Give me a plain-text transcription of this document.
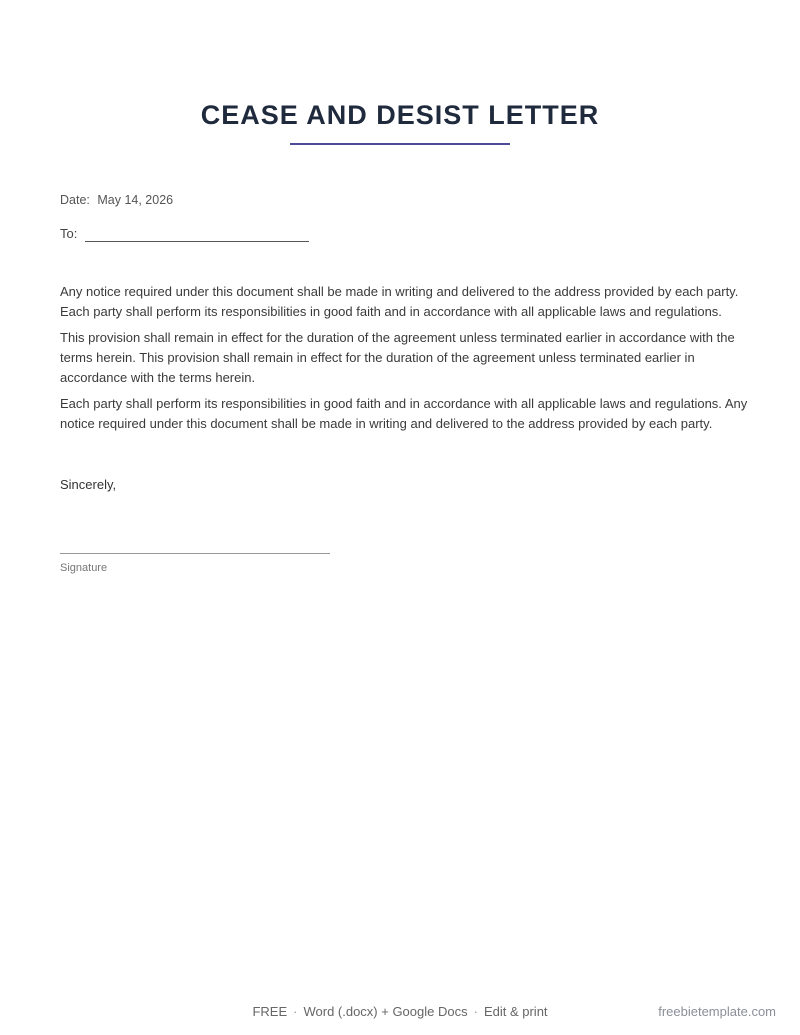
CEASE AND DESIST LETTER
Date: May 14, 2026
To:

Any notice required under this document shall be made in writing and delivered to the address provided by each party. Each party shall perform its responsibilities in good faith and in accordance with all applicable laws and regulations.

This provision shall remain in effect for the duration of the agreement unless terminated earlier in accordance with the terms herein. This provision shall remain in effect for the duration of the agreement unless terminated earlier in accordance with the terms herein.

Each party shall perform its responsibilities in good faith and in accordance with all applicable laws and regulations. Any notice required under this document shall be made in writing and delivered to the address provided by each party.

Sincerely,
Signature
FREE · Word (.docx) + Google Docs · Edit & print	freebietemplate.com
